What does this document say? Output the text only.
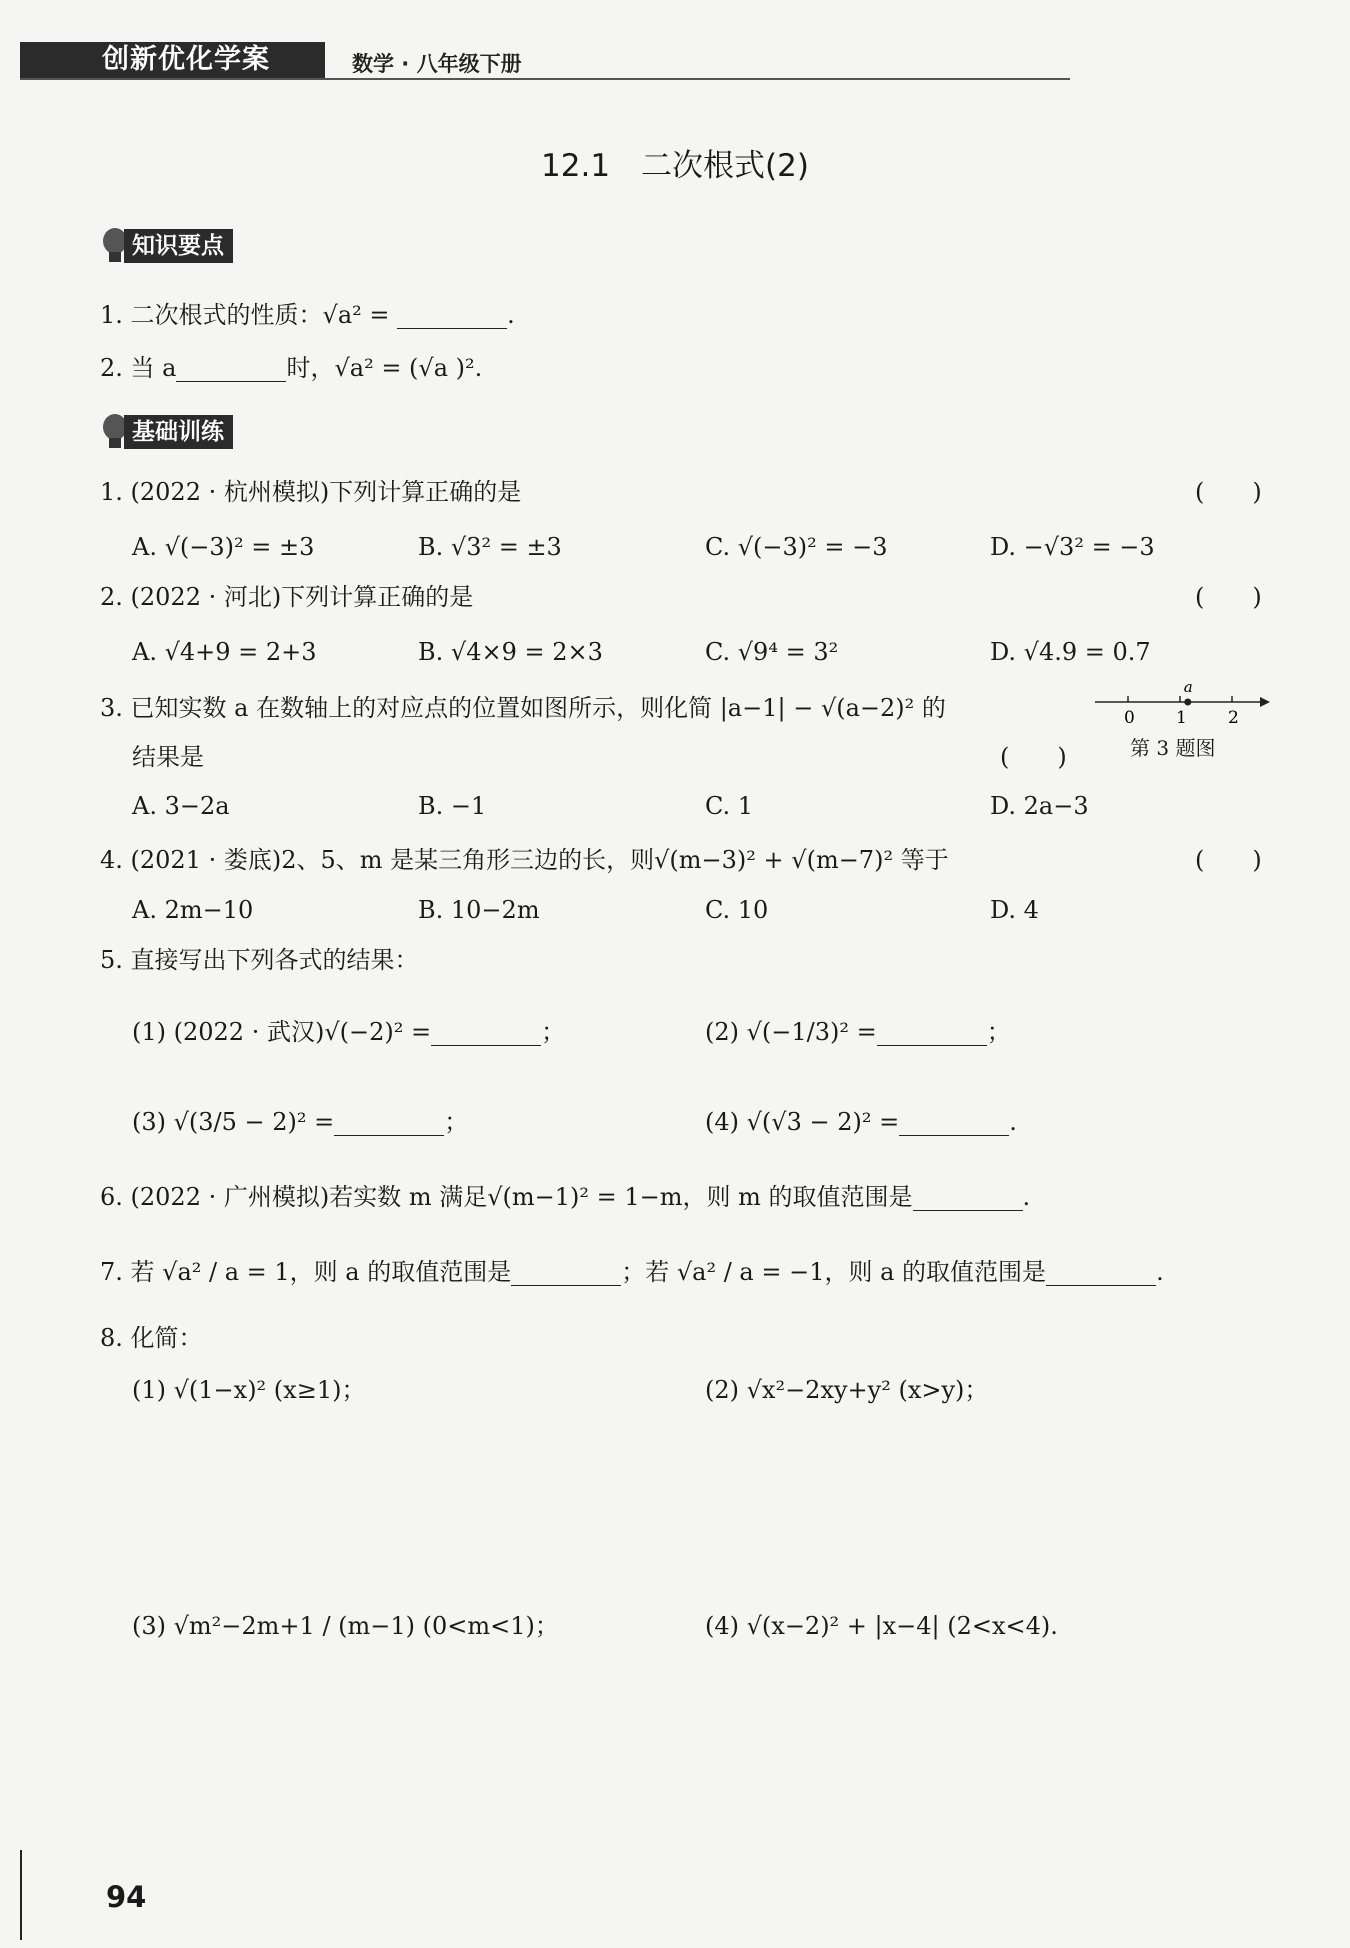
创新优化学案	数学 · 八年级下册
12.1　二次根式(2)
知识要点
1. 二次根式的性质：√a² =	.
2. 当 a	时，√a² = (√a )².
基础训练
1. (2022 · 杭州模拟)下列计算正确的是	(　　)
A. √(−3)² = ±3	B. √3² = ±3	C. √(−3)² = −3	D. −√3² = −3
2. (2022 · 河北)下列计算正确的是	(　　)
A. √4+9 = 2+3	B. √4×9 = 2×3	C. √9⁴ = 3²	D. √4.9 = 0.7
3. 已知实数 a 在数轴上的对应点的位置如图所示，则化简 |a−1| − √(a−2)² 的
结果是	(　　)
0 1 2
a
第 3 题图
A. 3−2a	B. −1	C. 1	D. 2a−3
4. (2021 · 娄底)2、5、m 是某三角形三边的长，则√(m−3)² + √(m−7)² 等于	(　　)
A. 2m−10	B. 10−2m	C. 10	D. 4
5. 直接写出下列各式的结果：
(1) (2022 · 武汉)√(−2)² =	；	(2) √(−1/3)² =	；
(3) √(3/5 − 2)² =	；	(4) √(√3 − 2)² =	.
6. (2022 · 广州模拟)若实数 m 满足√(m−1)² = 1−m，则 m 的取值范围是	.
7. 若 √a² / a = 1，则 a 的取值范围是	；若 √a² / a = −1，则 a 的取值范围是	.
8. 化简：
(1) √(1−x)² (x≥1)；	(2) √x²−2xy+y² (x>y)；
(3) √m²−2m+1 / (m−1) (0<m<1)；	(4) √(x−2)² + |x−4| (2<x<4).
94
